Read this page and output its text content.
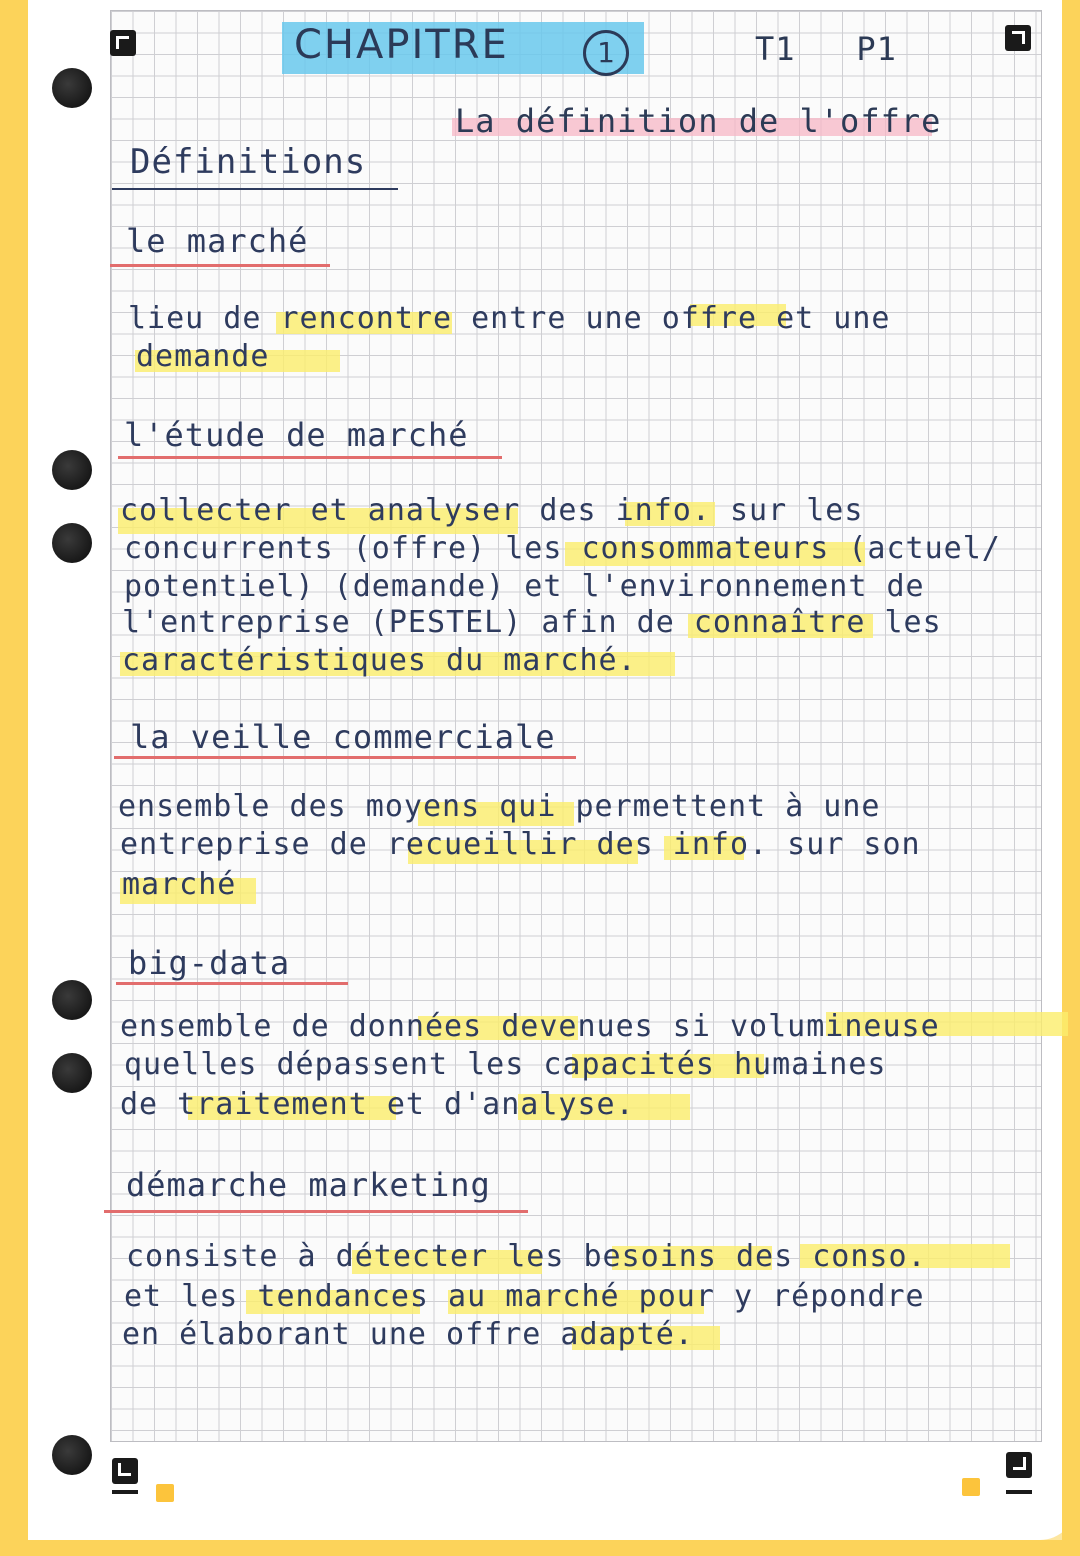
CHAPITRE	1	T1   P1
La définition de l'offre
Définitions
le marché
lieu de rencontre entre une offre et une
demande
l'étude de marché
collecter et analyser des info. sur les
concurrents (offre) les consommateurs (actuel/
potentiel) (demande) et l'environnement de
l'entreprise (PESTEL) afin de connaître les
caractéristiques du marché.
la veille commerciale
ensemble des moyens qui permettent à une
entreprise de recueillir des info. sur son
marché
big-data
ensemble de données devenues si volumineuse
quelles dépassent les capacités humaines
de traitement et d'analyse.
démarche marketing
consiste à détecter les besoins des conso.
et les tendances au marché pour y répondre
en élaborant une offre adapté.
